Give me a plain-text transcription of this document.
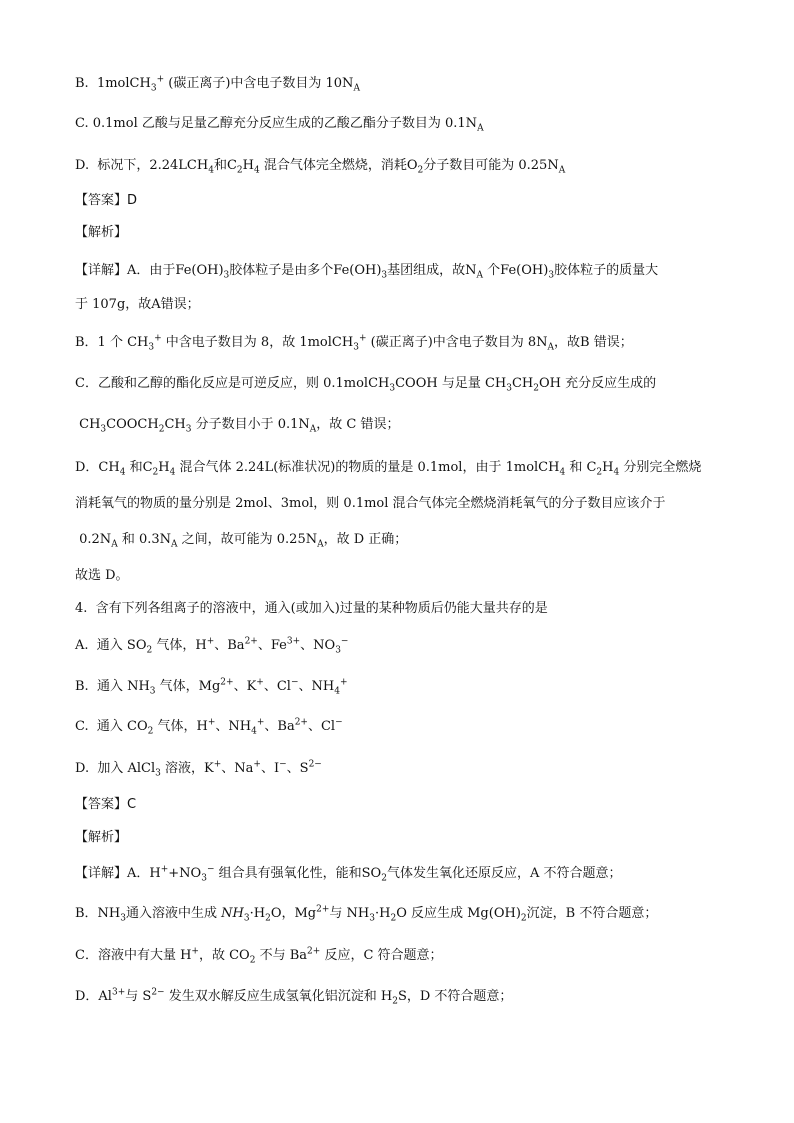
B.  1molCH$_3$+ (碳正离子)中含电子数目为 $10N_A$
C. 0.1mol 乙酸与足量乙醇充分反应生成的乙酸乙酯分子数目为 $0.1N_A$
D.  标况下，$2.24LCH_4$和$C_2H_4$ 混合气体完全燃烧，消耗$O_2$分子数目可能为 $0.25N_A$
【答案】D
【解析】
【详解】A．由于$Fe(OH)_3$胶体粒子是由多个$Fe(OH)_3$基团组成，故$N_A$ 个$Fe(OH)_3$胶体粒子的质量大
于 107g，故A错误；
B．1 个 $CH_3^+$ 中含电子数目为 8，故 1molCH$_3$+ (碳正离子)中含电子数目为 $8N_A$，故B 错误；
C．乙酸和乙醇的酯化反应是可逆反应，则 0.1molCH$_3$COOH 与足量 $CH_3CH_2OH$ 充分反应生成的
$CH_3COOCH_2CH_3$ 分子数目小于 $0.1N_A$，故 C 错误；
D．$CH_4$ 和$C_2H_4$ 混合气体 2.24L(标准状况)的物质的量是 0.1mol，由于 1molCH$_4$ 和 $C_2H_4$ 分别完全燃烧
消耗氧气的物质的量分别是 2mol、3mol，则 0.1mol 混合气体完全燃烧消耗氧气的分子数目应该介于
$0.2N_A$ 和 $0.3N_A$ 之间，故可能为 $0.25N_A$，故 D 正确；
故选 D。
4.  含有下列各组离子的溶液中，通入(或加入)过量的某种物质后仍能大量共存的是
A.  通入 $SO_2$ 气体，H+、$Ba^{2+}$、$Fe^{3+}$、$NO_3^-$
B.  通入 $NH_3$ 气体，$Mg^{2+}$、K+、Cl−、$NH_4^+$
C.  通入 $CO_2$ 气体，H+、$NH_4^+$、$Ba^{2+}$、Cl−
D.  加入 AlCl$_3$ 溶液，K+、Na+、I−、$S^{2-}$
【答案】C
【解析】
【详解】A．$H^++NO_3^-$ 组合具有强氧化性，能和$SO_2$气体发生氧化还原反应，A 不符合题意；
B．$NH_3$通入溶液中生成 $NH_3\cdot H_2O$，$Mg^{2+}$与 $NH_3\cdot H_2O$ 反应生成 $Mg(OH)_2$沉淀，B 不符合题意；
C．溶液中有大量 H+，故 $CO_2$ 不与 $Ba^{2+}$ 反应，C 符合题意；
D．$Al^{3+}$与 $S^{2-}$ 发生双水解反应生成氢氧化铝沉淀和 $H_2S$，D 不符合题意；
